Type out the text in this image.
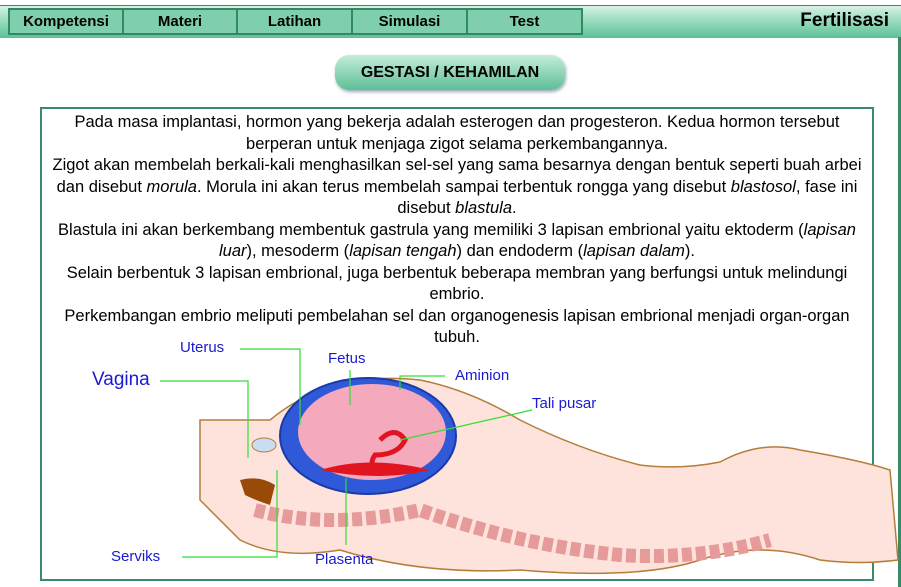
Kompetensi	Materi	Latihan	Simulasi	Test	Fertilisasi
GESTASI / KEHAMILAN

Pada masa implantasi, hormon yang bekerja adalah esterogen dan progesteron. Kedua hormon tersebut berperan untuk menjaga zigot selama perkembangannya.

Zigot akan membelah berkali-kali menghasilkan sel-sel yang sama besarnya dengan bentuk seperti buah arbei dan disebut morula. Morula ini akan terus membelah sampai terbentuk rongga yang disebut blastosol, fase ini disebut blastula.

Blastula ini akan berkembang membentuk gastrula yang memiliki 3 lapisan embrional yaitu ektoderm (lapisan luar), mesoderm (lapisan tengah) dan endoderm (lapisan dalam).

Selain berbentuk 3 lapisan embrional, juga berbentuk beberapa membran yang berfungsi untuk melindungi embrio.

Perkembangan embrio meliputi pembelahan sel dan organogenesis lapisan embrional menjadi organ-organ tubuh.

Uterus
Vagina
Fetus
Aminion
Tali pusar
Serviks	Plasenta
